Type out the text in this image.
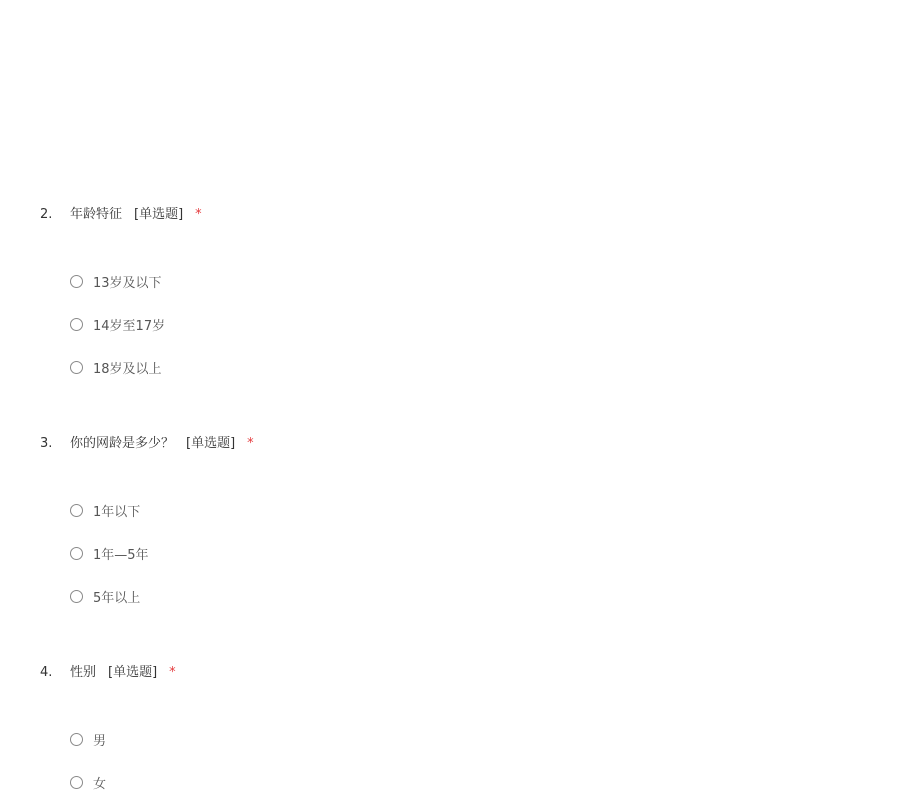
2. 年龄特征 [单选题] *
13岁及以下
14岁至17岁
18岁及以上
3. 你的网龄是多少？ [单选题] *
1年以下
1年—5年
5年以上
4. 性别 [单选题] *
男
女
